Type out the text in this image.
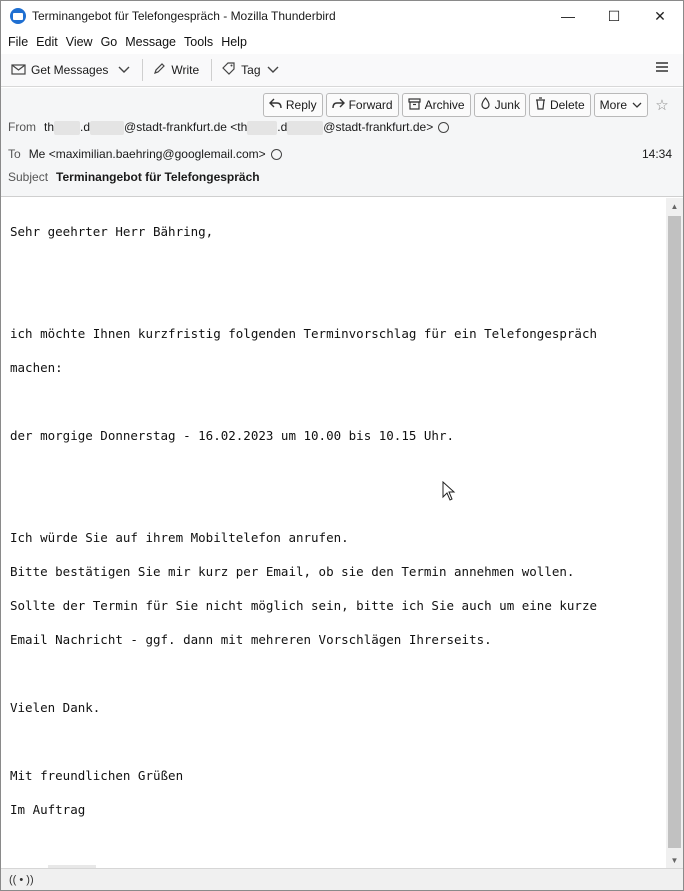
Terminangebot für Telefongespräch - Mozilla Thunderbird	—	☐	✕
File Edit View Go Message Tools Help
Get Messages	Write	Tag
Reply	Forward	Archive	Junk	Delete More ☆
From th .d	@stadt-frankfurt.de <th	.d	@stadt-frankfurt.de>
To Me <maximilian.baehring@googlemail.com>	14:34
Subject Terminangebot für Telefongespräch

Sehr geehrter Herr Bähring,

ich möchte Ihnen kurzfristig folgenden Terminvorschlag für ein Telefongespräch

machen:

der morgige Donnerstag - 16.02.2023 um 10.00 bis 10.15 Uhr.

Ich würde Sie auf ihrem Mobiltelefon anrufen.

Bitte bestätigen Sie mir kurz per Email, ob sie den Termin annehmen wollen.

Sollte der Termin für Sie nicht möglich sein, bitte ich Sie auch um eine kurze

Email Nachricht - ggf. dann mit mehreren Vorschlägen Ihrerseits.

Vielen Dank.

Mit freundlichen Grüßen

Im Auftrag

▲
▼
(( • ))
